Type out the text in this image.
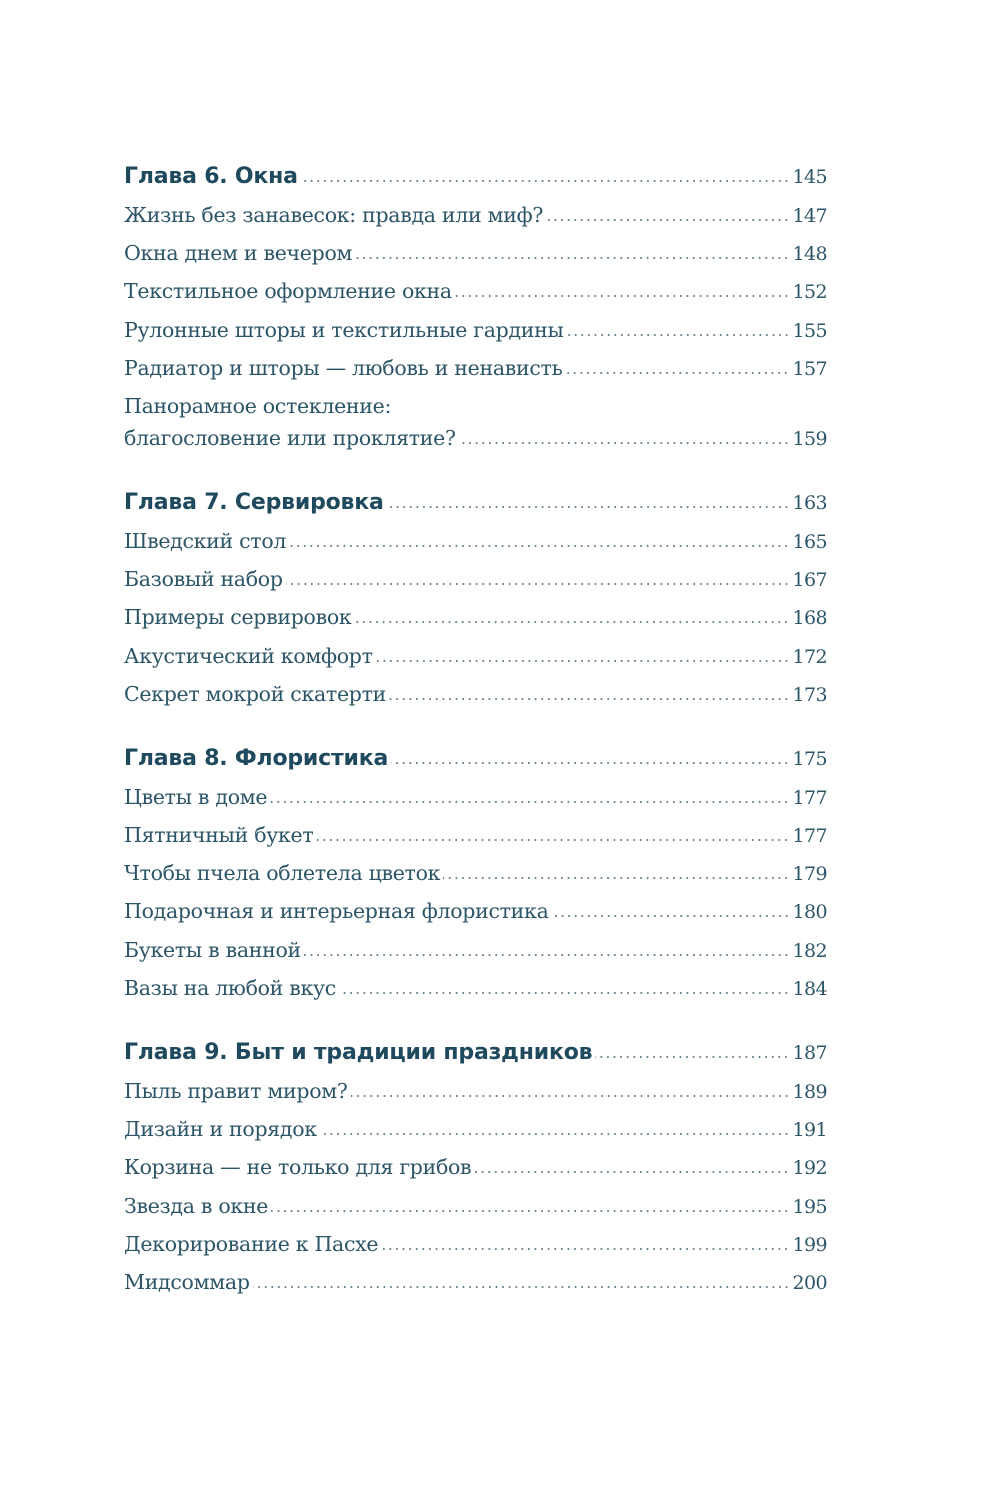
Глава 6. Окна	145
Жизнь без занавесок: правда или миф?	147
Окна днем и вечером	148
Текстильное оформление окна	152
Рулонные шторы и текстильные гардины	155
Радиатор и шторы — любовь и ненависть	157
Панорамное остекление:
благословение или проклятие?	159
Глава 7. Сервировка	163
Шведский стол	165
Базовый набор	167
Примеры сервировок	168
Акустический комфорт	172
Секрет мокрой скатерти	173
Глава 8. Флористика	175
Цветы в доме	177
Пятничный букет	177
Чтобы пчела облетела цветок	179
Подарочная и интерьерная флористика	180
Букеты в ванной	182
Вазы на любой вкус	184
Глава 9. Быт и традиции праздников	187
Пыль правит миром?	189
Дизайн и порядок	191
Корзина — не только для грибов	192
Звезда в окне	195
Декорирование к Пасхе	199
Мидсоммар	200
